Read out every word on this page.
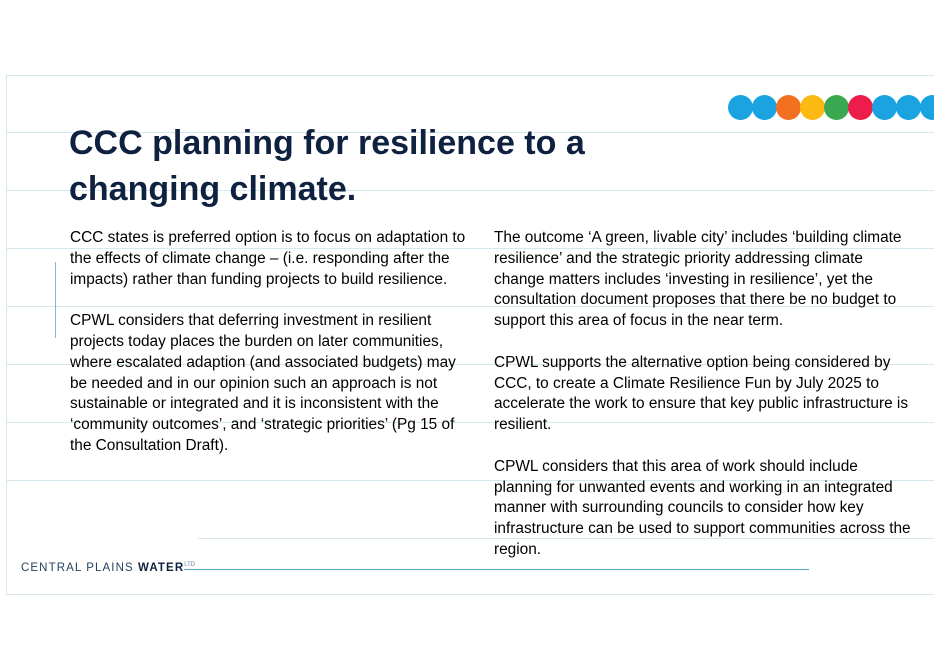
CCC planning for resilience to a changing climate.

CCC states is preferred option is to focus on adaptation to the effects of climate change – (i.e. responding after the impacts) rather than funding projects to build resilience.

CPWL considers that deferring investment in resilient projects today places the burden on later communities, where escalated adaption (and associated budgets) may be needed and in our opinion such an approach is not sustainable or integrated and it is inconsistent with the ‘community outcomes’, and ‘strategic priorities’ (Pg 15 of the Consultation Draft).

The outcome ‘A green, livable city’ includes ‘building climate resilience’ and the strategic priority addressing climate change matters includes ‘investing in resilience’, yet the consultation document proposes that there be no budget to support this area of focus in the near term.

CPWL supports the alternative option being considered by CCC, to create a Climate Resilience Fun by July 2025 to accelerate the work to ensure that key public infrastructure is resilient.

CPWL considers that this area of work should include planning for unwanted events and working in an integrated manner with surrounding councils to consider how key infrastructure can be used to support communities across the region.

CENTRAL PLAINS $WATER^{LTD}$
